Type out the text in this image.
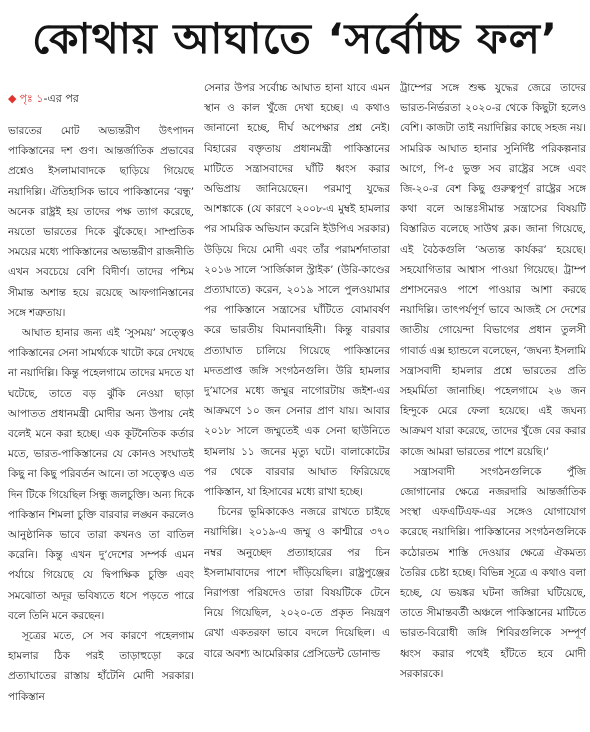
কোথায় আঘাতে ‘সর্বোচ্চ ফল’
◆ পৃঃ ১-এর পর

ভারতের মোট অভ্যন্তরীণ উৎপাদন পাকিস্তানের দশ গুণ। আন্তর্জাতিক প্রভাবের প্রশ্নেও ইসলামাবাদকে ছাড়িয়ে গিয়েছে নয়াদিল্লি। ঐতিহাসিক ভাবে পাকিস্তানের ‘বন্ধু’ অনেক রাষ্ট্রই হয় তাদের পক্ষ ত্যাগ করেছে, নয়তো ভারতের দিকে ঝুঁকেছে। সাম্প্রতিক সময়ের মধ্যে পাকিস্তানের অভ্যন্তরীণ রাজনীতি এখন সবচেয়ে বেশি বিদীর্ণ। তাদের পশ্চিম সীমান্ত অশান্ত হয়ে রয়েছে আফগানিস্তানের সঙ্গে শত্রুতায়।

আঘাত হানার জন্য এই ‘সুসময়’ সত্ত্বেও পাকিস্তানের সেনা সামর্থ্যকে খাটো করে দেখছে না নয়াদিল্লি। কিন্তু পহেলগামে তাদের মদতে যা ঘটেছে, তাতে বড় ঝুঁকি নেওয়া ছাড়া আপাতত প্রধানমন্ত্রী মোদীর অন্য উপায় নেই বলেই মনে করা হচ্ছে। এক কূটনৈতিক কর্তার মতে, ভারত-পাকিস্তানের যে কোনও সংঘাতই কিছু না কিছু পরিবর্তন আনে। তা সত্ত্বেও এত দিন টিকে গিয়েছিল সিন্ধু জলচুক্তি। অন্য দিকে পাকিস্তান শিমলা চুক্তি বারবার লঙ্ঘন করলেও আনুষ্ঠানিক ভাবে তারা কখনও তা বাতিল করেনি। কিন্তু এখন দু’দেশের সম্পর্ক এমন পর্যায়ে গিয়েছে যে দ্বিপাক্ষিক চুক্তি এবং সমঝোতা অদূর ভবিষ্যতে ধসে পড়তে পারে বলে তিনি মনে করছেন।

সূত্রের মতে, সে সব কারণে পহেলগাম হামলার ঠিক পরই তাড়াহুড়ো করে প্রত্যাঘাতের রাস্তায় হাঁটেনি মোদী সরকার। পাকিস্তান

সেনার উপর সর্বোচ্চ আঘাত হানা যাবে এমন স্থান ও কাল খুঁজে দেখা হচ্ছে। এ কথাও জানানো হচ্ছে, দীর্ঘ অপেক্ষার প্রশ্ন নেই। বিহারের বক্তৃতায় প্রধানমন্ত্রী পাকিস্তানের মাটিতে সন্ত্রাসবাদের ঘাঁটি ধ্বংস করার অভিপ্রায় জানিয়েছেন। পরমাণু যুদ্ধের আশঙ্কাকে (যে কারণে ২০০৮-এ মুম্বই হামলার পর সামরিক অভিযান করেনি ইউপিএ সরকার) উড়িয়ে দিয়ে মোদী এবং তাঁর পরামর্শদাতারা ২০১৬ সালে ‘সার্জিকাল স্ট্রাইক’ (উরি-কাণ্ডের প্রত্যাঘাতে) করেন, ২০১৯ সালে পুলওয়ামার পর পাকিস্তানে সন্ত্রাসের ঘাঁটিতে বোমাবর্ষণ করে ভারতীয় বিমানবাহিনী। কিন্তু বারবার প্রত্যাঘাত চালিয়ে গিয়েছে পাকিস্তানের মদতপ্রাপ্ত জঙ্গি সংগঠনগুলি। উরি হামলার দু’মাসের মধ্যে জম্মুর নাগোরটায় জইশ-এর আক্রমণে ১০ জন সেনার প্রাণ যায়। আবার ২০১৮ সালে জম্মুতেই এক সেনা ছাউনিতে হামলায় ১১ জনের মৃত্যু ঘটে। বালাকোটের পর থেকে বারবার আঘাত ফিরিয়েছে পাকিস্তান, যা হিসাবের মধ্যে রাখা হচ্ছে।

চিনের ভূমিকাকেও নজরে রাখতে চাইছে নয়াদিল্লি। ২০১৯-এ জম্মু ও কাশ্মীরে ৩৭০ নম্বর অনুচ্ছেদ প্রত্যাহারের পর চিন ইসলামাবাদের পাশে দাঁড়িয়েছিল। রাষ্ট্রপুঞ্জের নিরাপত্তা পরিষদেও তারা বিষয়টিকে টেনে নিয়ে গিয়েছিল, ২০২০-তে প্রকৃত নিয়ন্ত্রণ রেখা একতরফা ভাবে বদলে দিয়েছিল। এ বারে অবশ্য আমেরিকার প্রেসিডেন্ট ডোনাল্ড

ট্রাম্পের সঙ্গে শুল্ক যুদ্ধের জেরে তাদের ভারত-নির্ভরতা ২০২০-র থেকে কিছুটা হলেও বেশি। কাজটা তাই নয়াদিল্লির কাছে সহজ নয়। সামরিক আঘাত হানার সুনির্দিষ্ট পরিকল্পনার আগে, পি-৫ ভুক্ত সব রাষ্ট্রের সঙ্গে এবং জি-২০-র বেশ কিছু গুরুত্বপূর্ণ রাষ্ট্রের সঙ্গে কথা বলে আন্তঃসীমান্ত সন্ত্রাসের বিষয়টি বিস্তারিত বলেছে সাউথ ব্লক। জানা গিয়েছে, এই বৈঠকগুলি ‘অত্যন্ত কার্যকর’ হয়েছে। সহযোগিতার আশ্বাস পাওয়া গিয়েছে। ট্রাম্প প্রশাসনেরও পাশে পাওয়ার আশা করছে নয়াদিল্লি। তাৎপর্যপূর্ণ ভাবে আজই সে দেশের জাতীয় গোয়েন্দা বিভাগের প্রধান তুলসী গাবার্ড এক্স হ্যান্ডলে বলেছেন, ‘জঘন্য ইসলামি সন্ত্রাসবাদী হামলার প্রশ্নে ভারতের প্রতি সহমর্মিতা জানাচ্ছি। পহেলগামে ২৬ জন হিন্দুকে মেরে ফেলা হয়েছে। এই জঘন্য আক্রমণ যারা করেছে, তাদের খুঁজে বের করার কাজে আমরা ভারতের পাশে রয়েছি।’

সন্ত্রাসবাদী সংগঠনগুলিকে পুঁজি জোগানোর ক্ষেত্রে নজরদারি আন্তর্জাতিক সংস্থা এফএটিএফ-এর সঙ্গেও যোগাযোগ করেছে নয়াদিল্লি। পাকিস্তানের সংগঠনগুলিকে কঠোরতম শাস্তি দেওয়ার ক্ষেত্রে ঐকমত্য তৈরির চেষ্টা হচ্ছে। বিভিন্ন সূত্রে এ কথাও বলা হচ্ছে, যে ভয়ঙ্কর ঘটনা জঙ্গিরা ঘটিয়েছে, তাতে সীমান্তবর্তী অঞ্চলে পাকিস্তানের মাটিতে ভারত-বিরোধী জঙ্গি শিবিরগুলিকে সম্পূর্ণ ধ্বংস করার পথেই হাঁটতে হবে মোদী সরকারকে।
